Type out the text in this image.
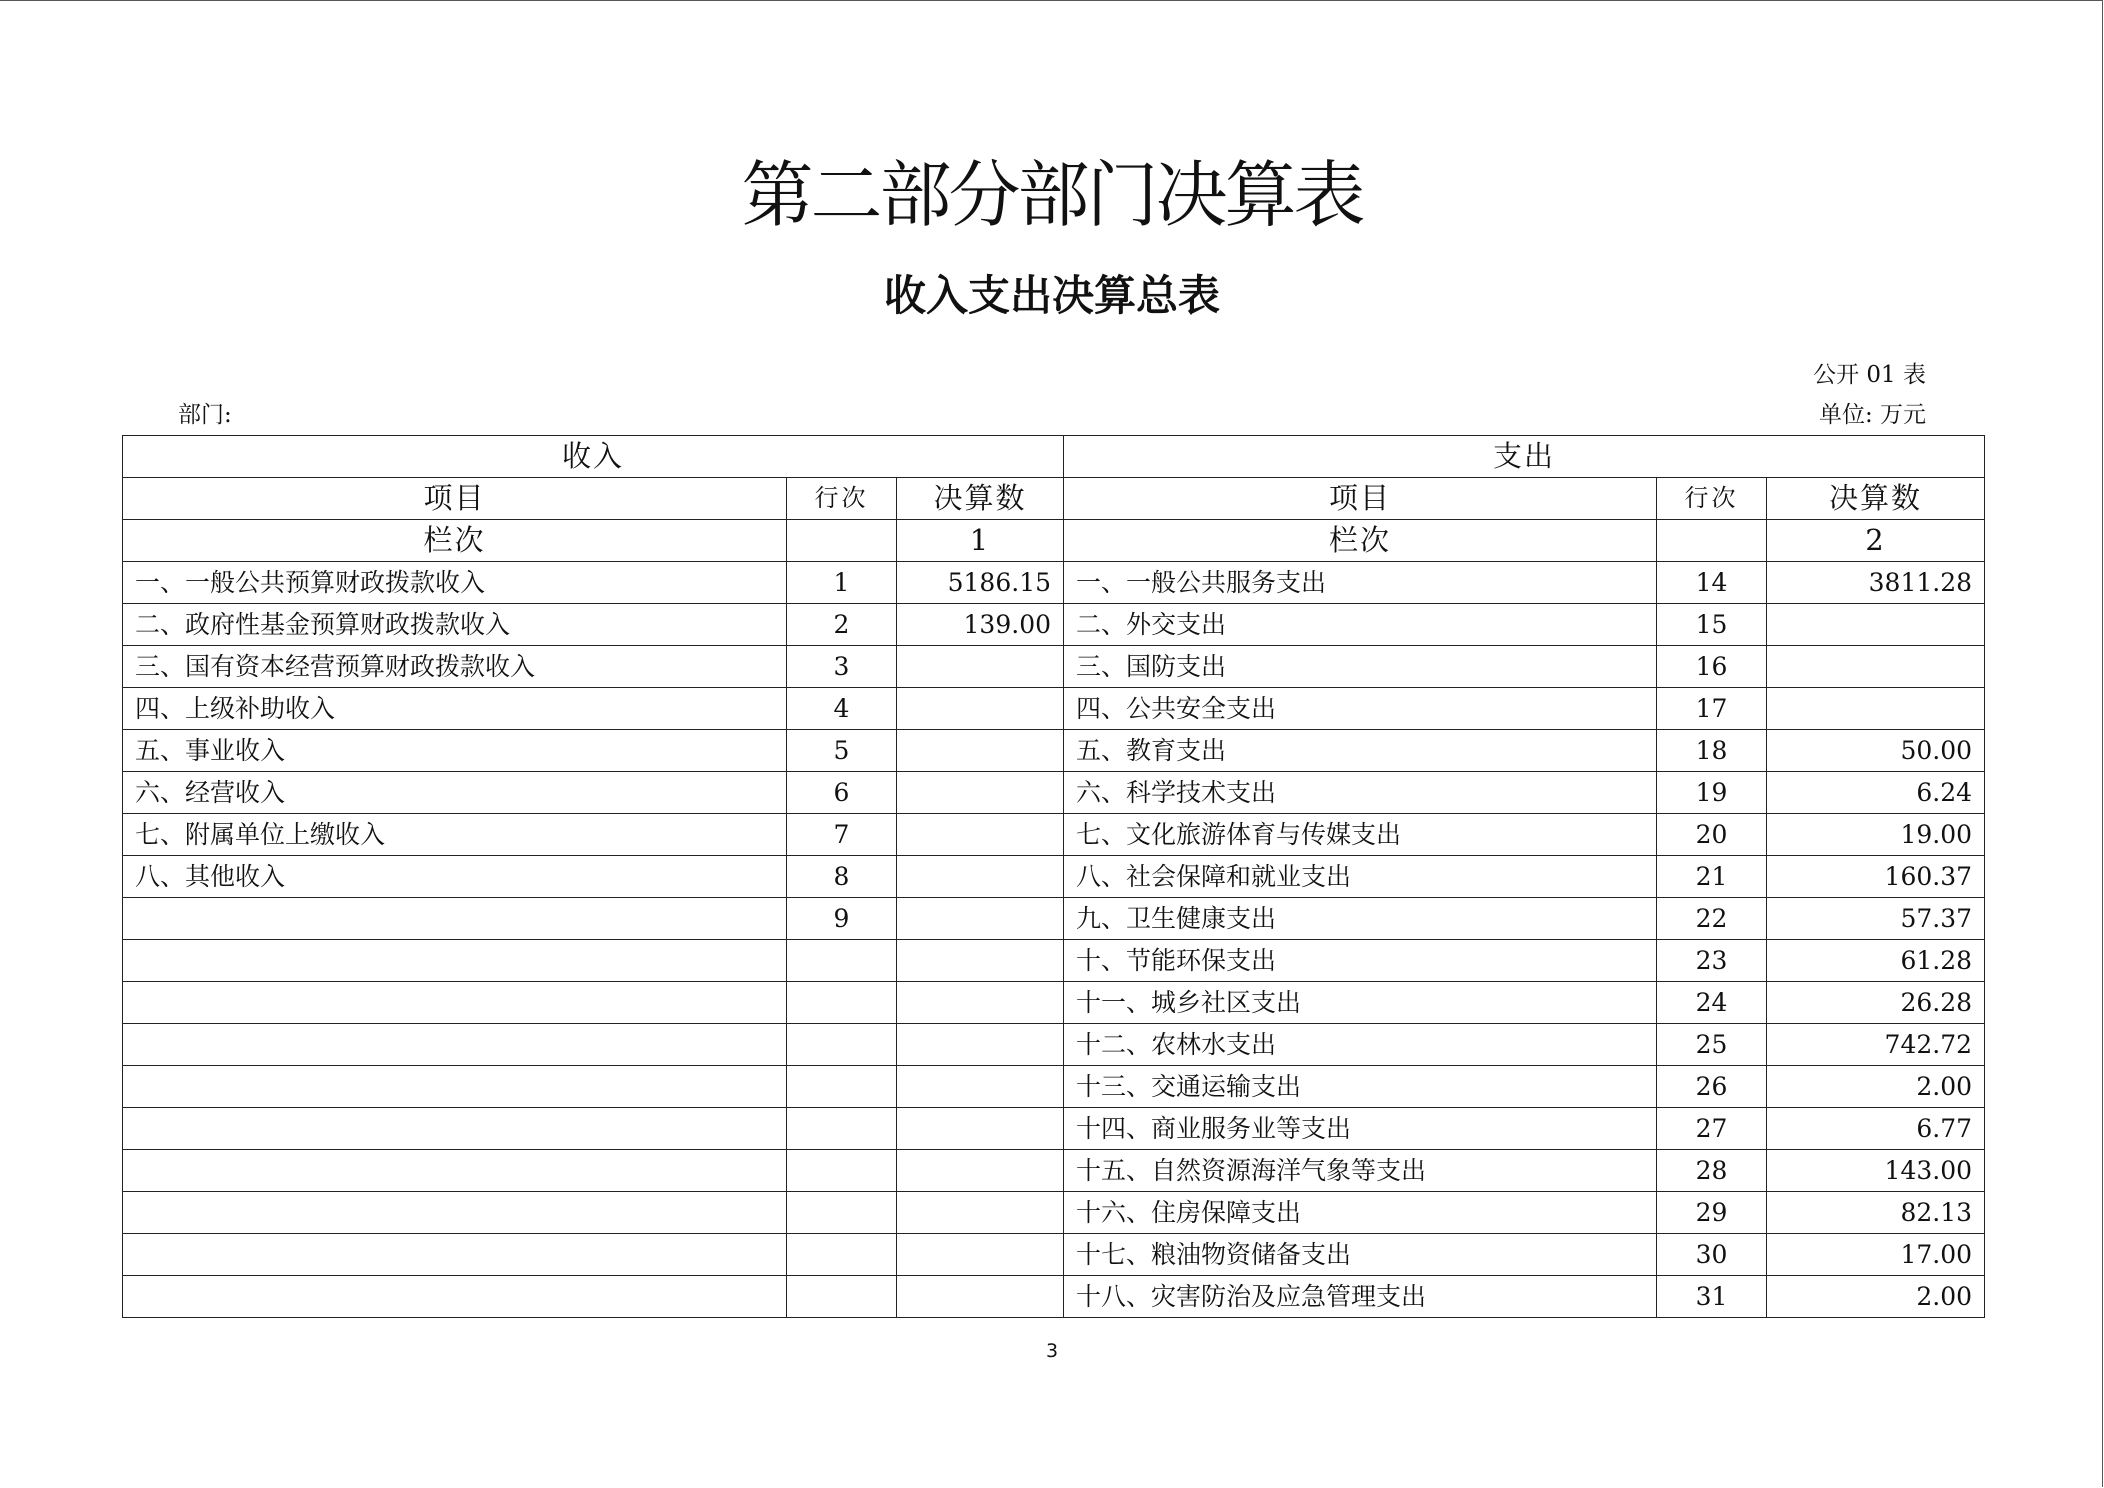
第二部分部门决算表
收入支出决算总表
公开 01 表
部门:	单位: 万元
收入			支出		
项目	行次	决算数	项目	行次	决算数
栏次		1	栏次		2
一、一般公共预算财政拨款收入	1	5186.15	一、一般公共服务支出	14	3811.28
二、政府性基金预算财政拨款收入	2	139.00	二、外交支出	15	
三、国有资本经营预算财政拨款收入	3		三、国防支出	16	
四、上级补助收入	4		四、公共安全支出	17	
五、事业收入	5		五、教育支出	18	50.00
六、经营收入	6		六、科学技术支出	19	6.24
七、附属单位上缴收入	7		七、文化旅游体育与传媒支出	20	19.00
八、其他收入	8		八、社会保障和就业支出	21	160.37
	9		九、卫生健康支出	22	57.37
			十、节能环保支出	23	61.28
			十一、城乡社区支出	24	26.28
			十二、农林水支出	25	742.72
			十三、交通运输支出	26	2.00
			十四、商业服务业等支出	27	6.77
			十五、自然资源海洋气象等支出	28	143.00
			十六、住房保障支出	29	82.13
			十七、粮油物资储备支出	30	17.00
			十八、灾害防治及应急管理支出	31	2.00
3
